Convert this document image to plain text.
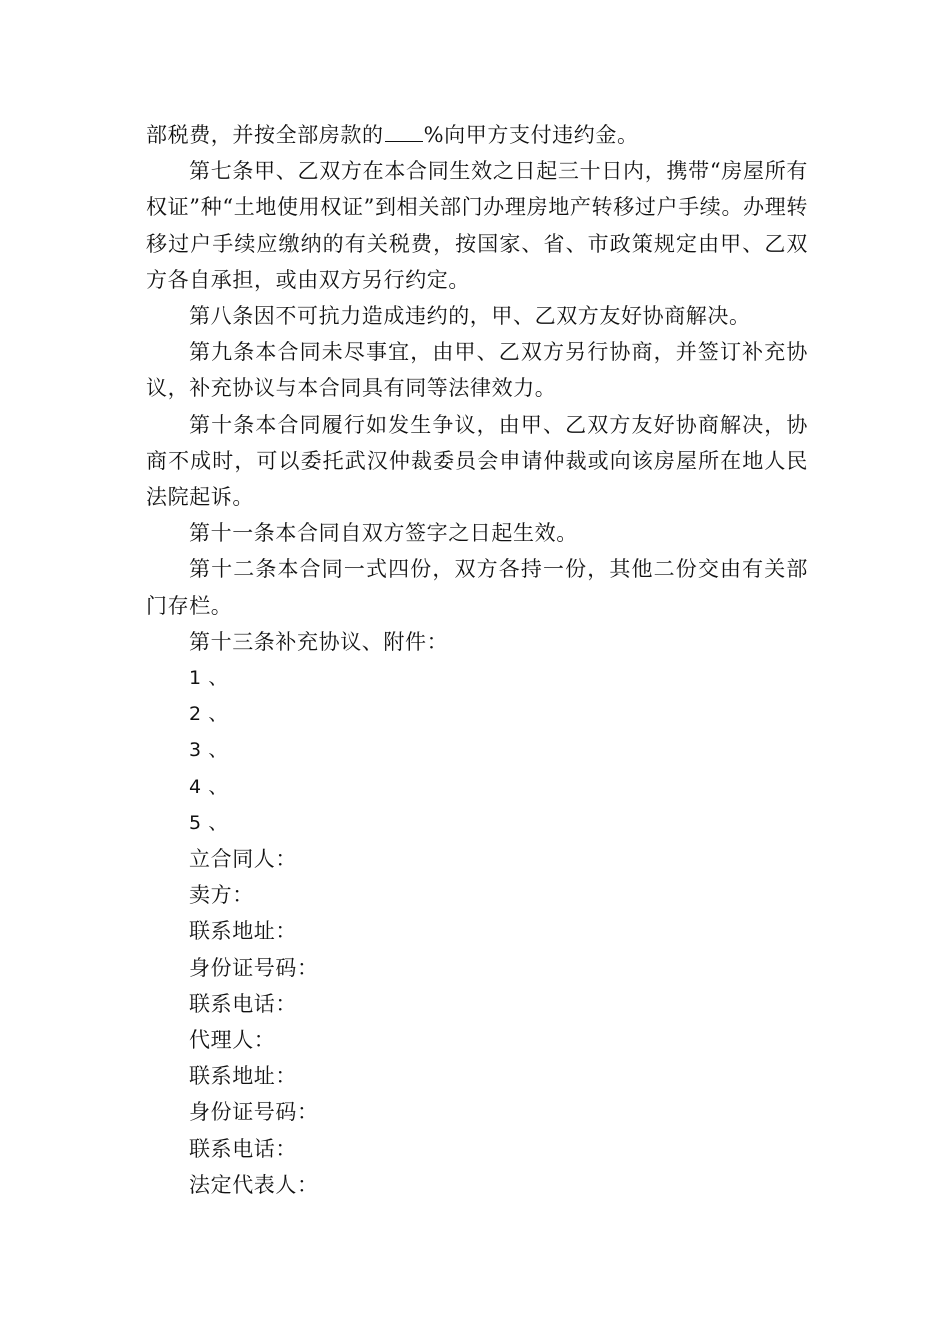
部税费，并按全部房款的 %向甲方支付违约金。

第七条甲、乙双方在本合同生效之日起三十日内，携带“房屋所有权证”种“土地使用权证”到相关部门办理房地产转移过户手续。办理转移过户手续应缴纳的有关税费，按国家、省、市政策规定由甲、乙双方各自承担，或由双方另行约定。

第八条因不可抗力造成违约的，甲、乙双方友好协商解决。

第九条本合同未尽事宜，由甲、乙双方另行协商，并签订补充协议，补充协议与本合同具有同等法律效力。

第十条本合同履行如发生争议，由甲、乙双方友好协商解决，协商不成时，可以委托武汉仲裁委员会申请仲裁或向该房屋所在地人民法院起诉。

第十一条本合同自双方签字之日起生效。

第十二条本合同一式四份，双方各持一份，其他二份交由有关部门存栏。

第十三条补充协议、附件：

1 、

2 、

3 、

4 、

5 、

立合同人：

卖方：

联系地址：

身份证号码：

联系电话：

代理人：

联系地址：

身份证号码：

联系电话：

法定代表人：
